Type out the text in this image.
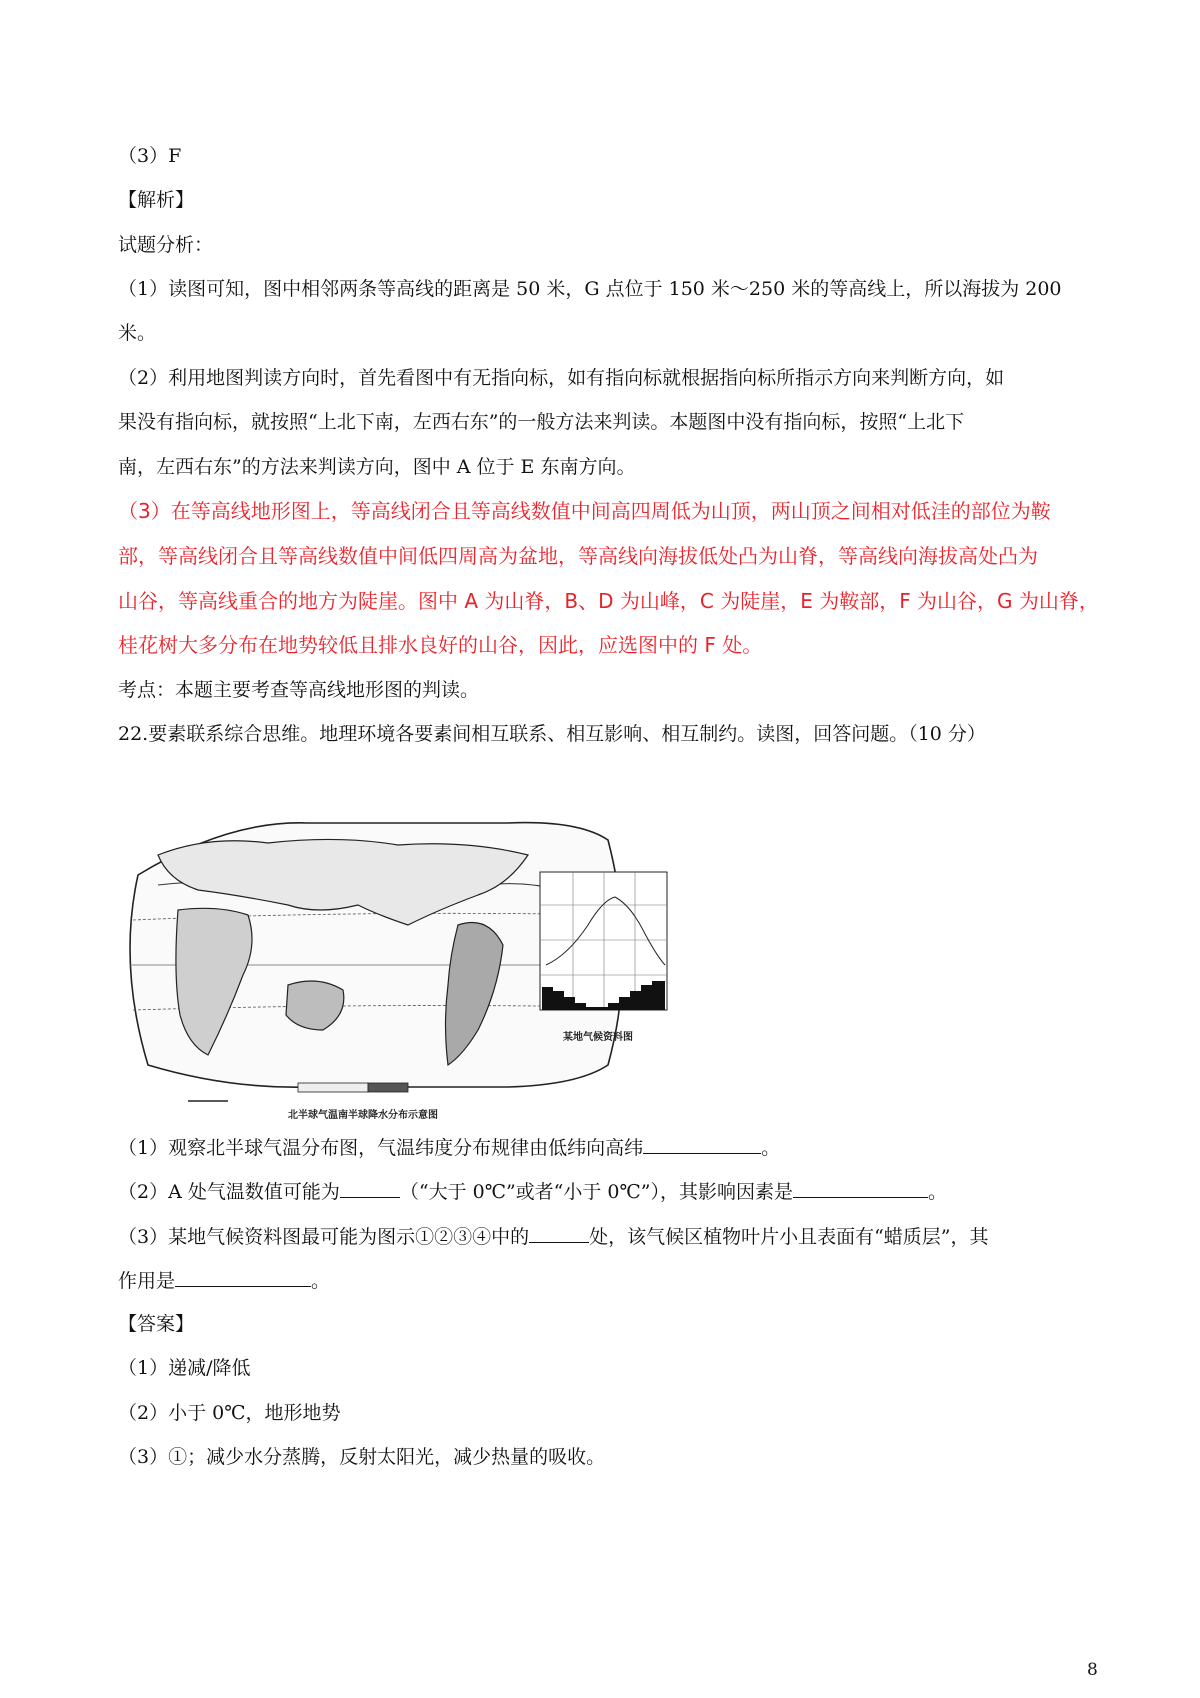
（3）F
【解析】
试题分析：
（1）读图可知，图中相邻两条等高线的距离是 50 米，G 点位于 150 米～250 米的等高线上，所以海拔为 200
米。
（2）利用地图判读方向时，首先看图中有无指向标，如有指向标就根据指向标所指示方向来判断方向，如
果没有指向标，就按照“上北下南，左西右东”的一般方法来判读。本题图中没有指向标，按照“上北下
南，左西右东”的方法来判读方向，图中 A 位于 E 东南方向。
（3）在等高线地形图上，等高线闭合且等高线数值中间高四周低为山顶，两山顶之间相对低洼的部位为鞍
部，等高线闭合且等高线数值中间低四周高为盆地，等高线向海拔低处凸为山脊，等高线向海拔高处凸为
山谷，等高线重合的地方为陡崖。图中 A 为山脊，B、D 为山峰，C 为陡崖，E 为鞍部，F 为山谷，G 为山脊，
桂花树大多分布在地势较低且排水良好的山谷，因此，应选图中的 F 处。
考点：本题主要考查等高线地形图的判读。
22.要素联系综合思维。地理环境各要素间相互联系、相互影响、相互制约。读图，回答问题。（10 分）
北半球气温南半球降水分布示意图
某地气候资料图
（1）观察北半球气温分布图，气温纬度分布规律由低纬向高纬	。
（2）A 处气温数值可能为	（“大于 0℃”或者“小于 0℃”），其影响因素是	。
（3）某地气候资料图最可能为图示①②③④中的	处，该气候区植物叶片小且表面有“蜡质层”，其
作用是	。
【答案】
（1）递减/降低
（2）小于 0℃，地形地势
（3）①；减少水分蒸腾，反射太阳光，减少热量的吸收。
8
